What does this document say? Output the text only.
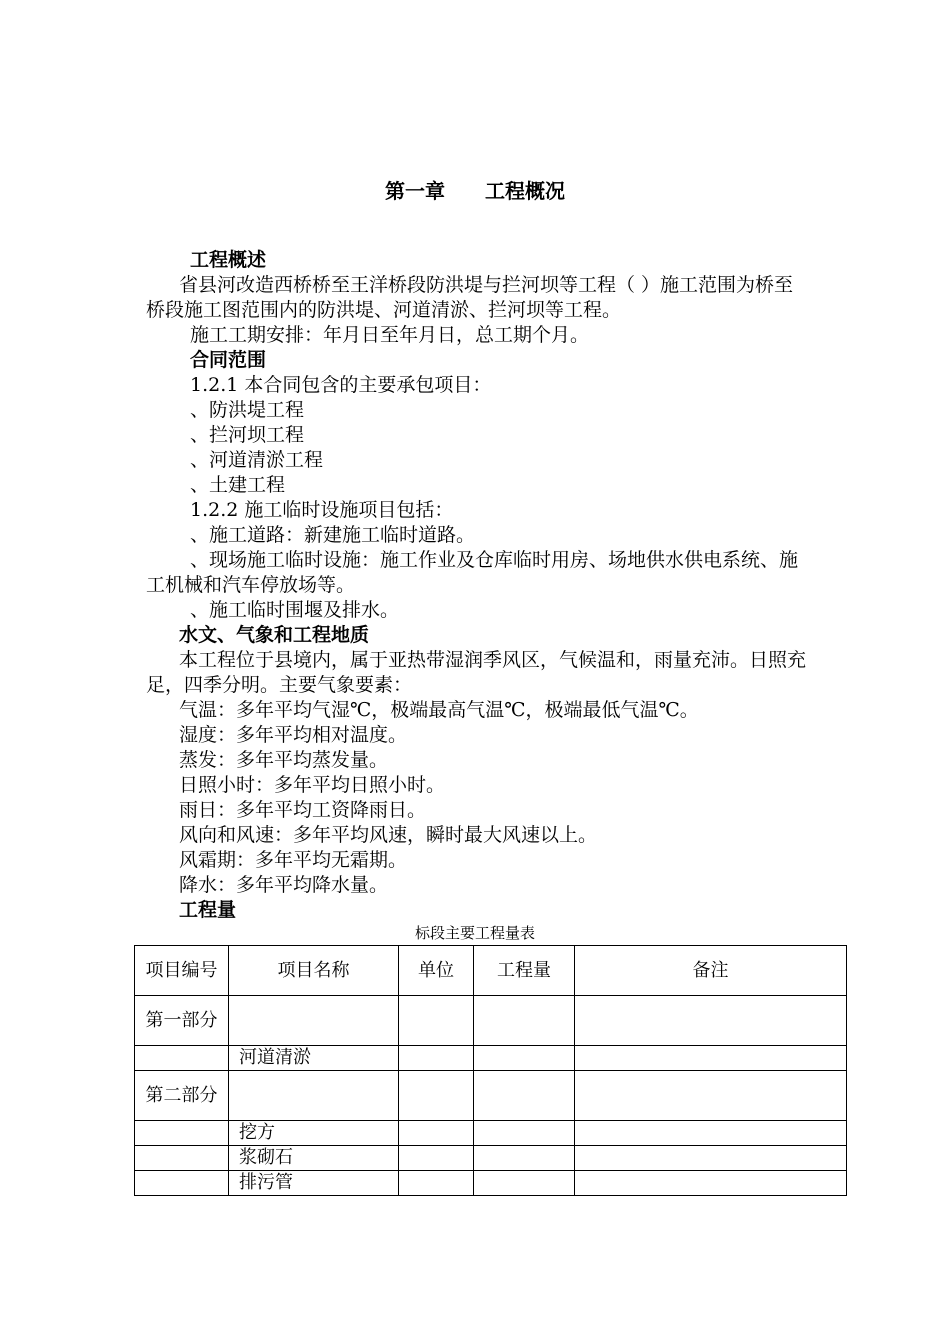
第一章　　工程概况

工程概述

省县河改造西桥桥至王洋桥段防洪堤与拦河坝等工程（ ）施工范围为桥至桥段施工图范围内的防洪堤、河道清淤、拦河坝等工程。

施工工期安排：年月日至年月日，总工期个月。

合同范围

1.2.1 本合同包含的主要承包项目：

、防洪堤工程

、拦河坝工程

、河道清淤工程

、土建工程

1.2.2 施工临时设施项目包括：

、施工道路：新建施工临时道路。

、现场施工临时设施：施工作业及仓库临时用房、场地供水供电系统、施工机械和汽车停放场等。

、施工临时围堰及排水。

水文、气象和工程地质

本工程位于县境内，属于亚热带湿润季风区，气候温和，雨量充沛。日照充足，四季分明。主要气象要素：

气温：多年平均气湿℃，极端最高气温℃，极端最低气温℃。

湿度：多年平均相对温度。

蒸发：多年平均蒸发量。

日照小时：多年平均日照小时。

雨日：多年平均工资降雨日。

风向和风速：多年平均风速，瞬时最大风速以上。

风霜期：多年平均无霜期。

降水：多年平均降水量。

工程量

标段主要工程量表
项目编号	项目名称	单位	工程量	备注
第一部分				
	河道清淤			
第二部分				
	挖方			
	浆砌石			
	排污管			
